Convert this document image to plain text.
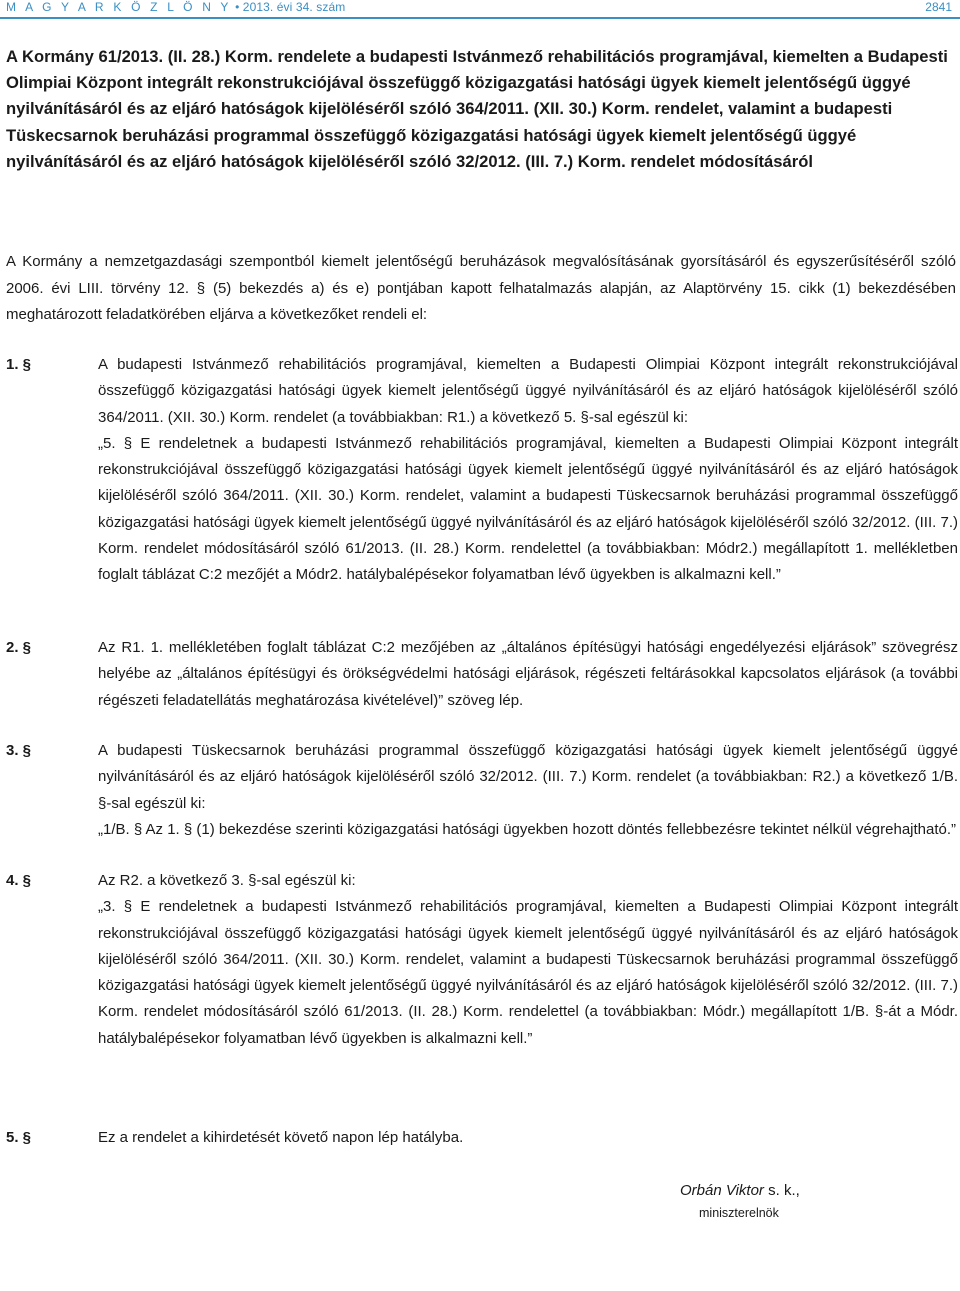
M A G Y A R K Ö Z L Ö N Y • 2013. évi 34. szám	2841

A Kormány 61/2013. (II. 28.) Korm. rendelete a budapesti Istvánmező rehabilitációs programjával, kiemelten a Budapesti Olimpiai Központ integrált rekonstrukciójával összefüggő közigazgatási hatósági ügyek kiemelt jelentőségű üggyé nyilvánításáról és az eljáró hatóságok kijelöléséről szóló 364/2011. (XII. 30.) Korm. rendelet, valamint a budapesti Tüskecsarnok beruházási programmal összefüggő közigazgatási hatósági ügyek kiemelt jelentőségű üggyé nyilvánításáról és az eljáró hatóságok kijelöléséről szóló 32/2012. (III. 7.) Korm. rendelet módosításáról

A Kormány a nemzetgazdasági szempontból kiemelt jelentőségű beruházások megvalósításának gyorsításáról és egyszerűsítéséről szóló 2006. évi LIII. törvény 12. § (5) bekezdés a) és e) pontjában kapott felhatalmazás alapján, az Alaptörvény 15. cikk (1) bekezdésében meghatározott feladatkörében eljárva a következőket rendeli el:

1. §	A budapesti Istvánmező rehabilitációs programjával, kiemelten a Budapesti Olimpiai Központ integrált rekonstrukciójával összefüggő közigazgatási hatósági ügyek kiemelt jelentőségű üggyé nyilvánításáról és az eljáró hatóságok kijelöléséről szóló 364/2011. (XII. 30.) Korm. rendelet (a továbbiakban: R1.) a következő 5. §-sal egészül ki:

„5. § E rendeletnek a budapesti Istvánmező rehabilitációs programjával, kiemelten a Budapesti Olimpiai Központ integrált rekonstrukciójával összefüggő közigazgatási hatósági ügyek kiemelt jelentőségű üggyé nyilvánításáról és az eljáró hatóságok kijelöléséről szóló 364/2011. (XII. 30.) Korm. rendelet, valamint a budapesti Tüskecsarnok beruházási programmal összefüggő közigazgatási hatósági ügyek kiemelt jelentőségű üggyé nyilvánításáról és az eljáró hatóságok kijelöléséről szóló 32/2012. (III. 7.) Korm. rendelet módosításáról szóló 61/2013. (II. 28.) Korm. rendelettel (a továbbiakban: Módr2.) megállapított 1. mellékletben foglalt táblázat C:2 mezőjét a Módr2. hatálybalépésekor folyamatban lévő ügyekben is alkalmazni kell.”

2. §	Az R1. 1. mellékletében foglalt táblázat C:2 mezőjében az „általános építésügyi hatósági engedélyezési eljárások” szövegrész helyébe az „általános építésügyi és örökségvédelmi hatósági eljárások, régészeti feltárásokkal kapcsolatos eljárások (a további régészeti feladatellátás meghatározása kivételével)” szöveg lép.

3. §	A budapesti Tüskecsarnok beruházási programmal összefüggő közigazgatási hatósági ügyek kiemelt jelentőségű üggyé nyilvánításáról és az eljáró hatóságok kijelöléséről szóló 32/2012. (III. 7.) Korm. rendelet (a továbbiakban: R2.) a következő 1/B. §-sal egészül ki:

„1/B. § Az 1. § (1) bekezdése szerinti közigazgatási hatósági ügyekben hozott döntés fellebbezésre tekintet nélkül végrehajtható.”

4. §	Az R2. a következő 3. §-sal egészül ki:

„3. § E rendeletnek a budapesti Istvánmező rehabilitációs programjával, kiemelten a Budapesti Olimpiai Központ integrált rekonstrukciójával összefüggő közigazgatási hatósági ügyek kiemelt jelentőségű üggyé nyilvánításáról és az eljáró hatóságok kijelöléséről szóló 364/2011. (XII. 30.) Korm. rendelet, valamint a budapesti Tüskecsarnok beruházási programmal összefüggő közigazgatási hatósági ügyek kiemelt jelentőségű üggyé nyilvánításáról és az eljáró hatóságok kijelöléséről szóló 32/2012. (III. 7.) Korm. rendelet módosításáról szóló 61/2013. (II. 28.) Korm. rendelettel (a továbbiakban: Módr.) megállapított 1/B. §-át a Módr. hatálybalépésekor folyamatban lévő ügyekben is alkalmazni kell.”

5. §	Ez a rendelet a kihirdetését követő napon lép hatályba.

Orbán Viktor s. k.,
miniszterelnök
